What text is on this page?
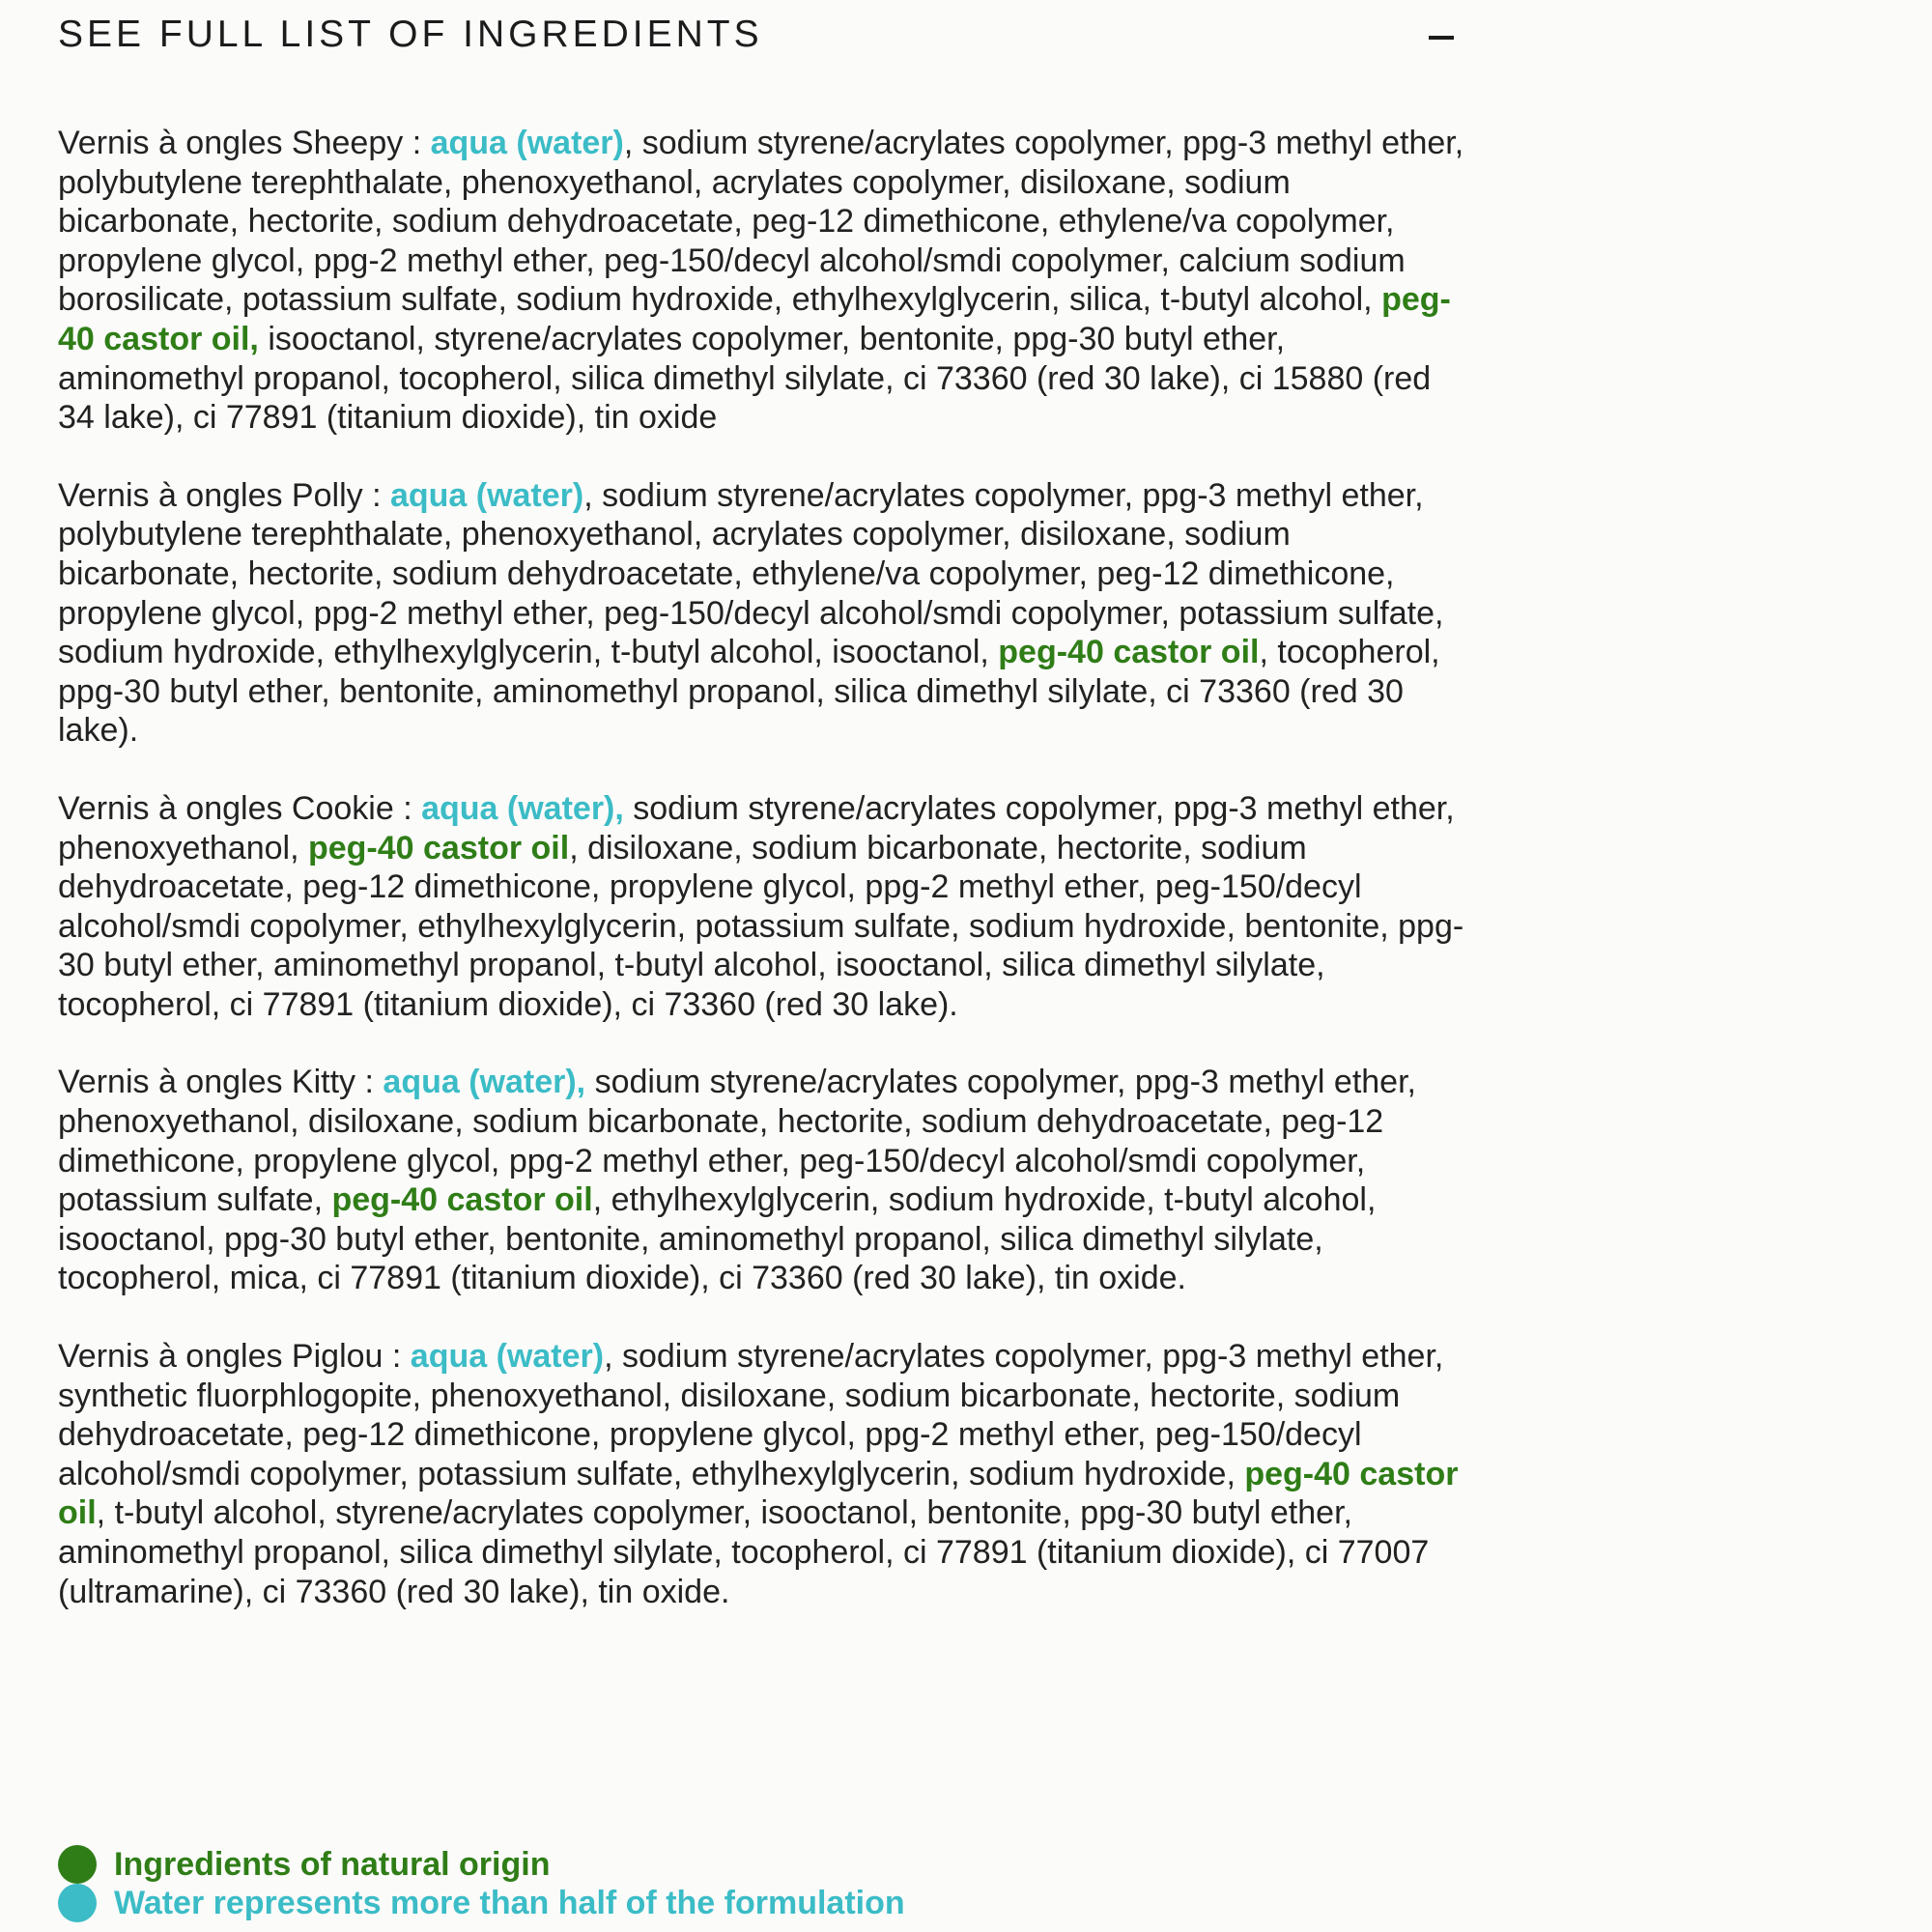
SEE FULL LIST OF INGREDIENTS

Vernis à ongles Sheepy : aqua (water), sodium styrene/acrylates copolymer, ppg-3 methyl ether, polybutylene terephthalate, phenoxyethanol, acrylates copolymer, disiloxane, sodium bicarbonate, hectorite, sodium dehydroacetate, peg-12 dimethicone, ethylene/va copolymer, propylene glycol, ppg-2 methyl ether, peg-150/decyl alcohol/smdi copolymer, calcium sodium borosilicate, potassium sulfate, sodium hydroxide, ethylhexylglycerin, silica, t-butyl alcohol, peg-40 castor oil, isooctanol, styrene/acrylates copolymer, bentonite, ppg-30 butyl ether, aminomethyl propanol, tocopherol, silica dimethyl silylate, ci 73360 (red 30 lake), ci 15880 (red 34 lake), ci 77891 (titanium dioxide), tin oxide

Vernis à ongles Polly : aqua (water), sodium styrene/acrylates copolymer, ppg-3 methyl ether, polybutylene terephthalate, phenoxyethanol, acrylates copolymer, disiloxane, sodium bicarbonate, hectorite, sodium dehydroacetate, ethylene/va copolymer, peg-12 dimethicone, propylene glycol, ppg-2 methyl ether, peg-150/decyl alcohol/smdi copolymer, potassium sulfate, sodium hydroxide, ethylhexylglycerin, t-butyl alcohol, isooctanol, peg-40 castor oil, tocopherol, ppg-30 butyl ether, bentonite, aminomethyl propanol, silica dimethyl silylate, ci 73360 (red 30 lake).

Vernis à ongles Cookie : aqua (water), sodium styrene/acrylates copolymer, ppg-3 methyl ether, phenoxyethanol, peg-40 castor oil, disiloxane, sodium bicarbonate, hectorite, sodium dehydroacetate, peg-12 dimethicone, propylene glycol, ppg-2 methyl ether, peg-150/decyl alcohol/smdi copolymer, ethylhexylglycerin, potassium sulfate, sodium hydroxide, bentonite, ppg-30 butyl ether, aminomethyl propanol, t-butyl alcohol, isooctanol, silica dimethyl silylate, tocopherol, ci 77891 (titanium dioxide), ci 73360 (red 30 lake).

Vernis à ongles Kitty : aqua (water), sodium styrene/acrylates copolymer, ppg-3 methyl ether, phenoxyethanol, disiloxane, sodium bicarbonate, hectorite, sodium dehydroacetate, peg-12 dimethicone, propylene glycol, ppg-2 methyl ether, peg-150/decyl alcohol/smdi copolymer, potassium sulfate, peg-40 castor oil, ethylhexylglycerin, sodium hydroxide, t-butyl alcohol, isooctanol, ppg-30 butyl ether, bentonite, aminomethyl propanol, silica dimethyl silylate, tocopherol, mica, ci 77891 (titanium dioxide), ci 73360 (red 30 lake), tin oxide.

Vernis à ongles Piglou : aqua (water), sodium styrene/acrylates copolymer, ppg-3 methyl ether, synthetic fluorphlogopite, phenoxyethanol, disiloxane, sodium bicarbonate, hectorite, sodium dehydroacetate, peg-12 dimethicone, propylene glycol, ppg-2 methyl ether, peg-150/decyl alcohol/smdi copolymer, potassium sulfate, ethylhexylglycerin, sodium hydroxide, peg-40 castor oil, t-butyl alcohol, styrene/acrylates copolymer, isooctanol, bentonite, ppg-30 butyl ether, aminomethyl propanol, silica dimethyl silylate, tocopherol, ci 77891 (titanium dioxide), ci 77007 (ultramarine), ci 73360 (red 30 lake), tin oxide.

Ingredients of natural origin
Water represents more than half of the formulation
